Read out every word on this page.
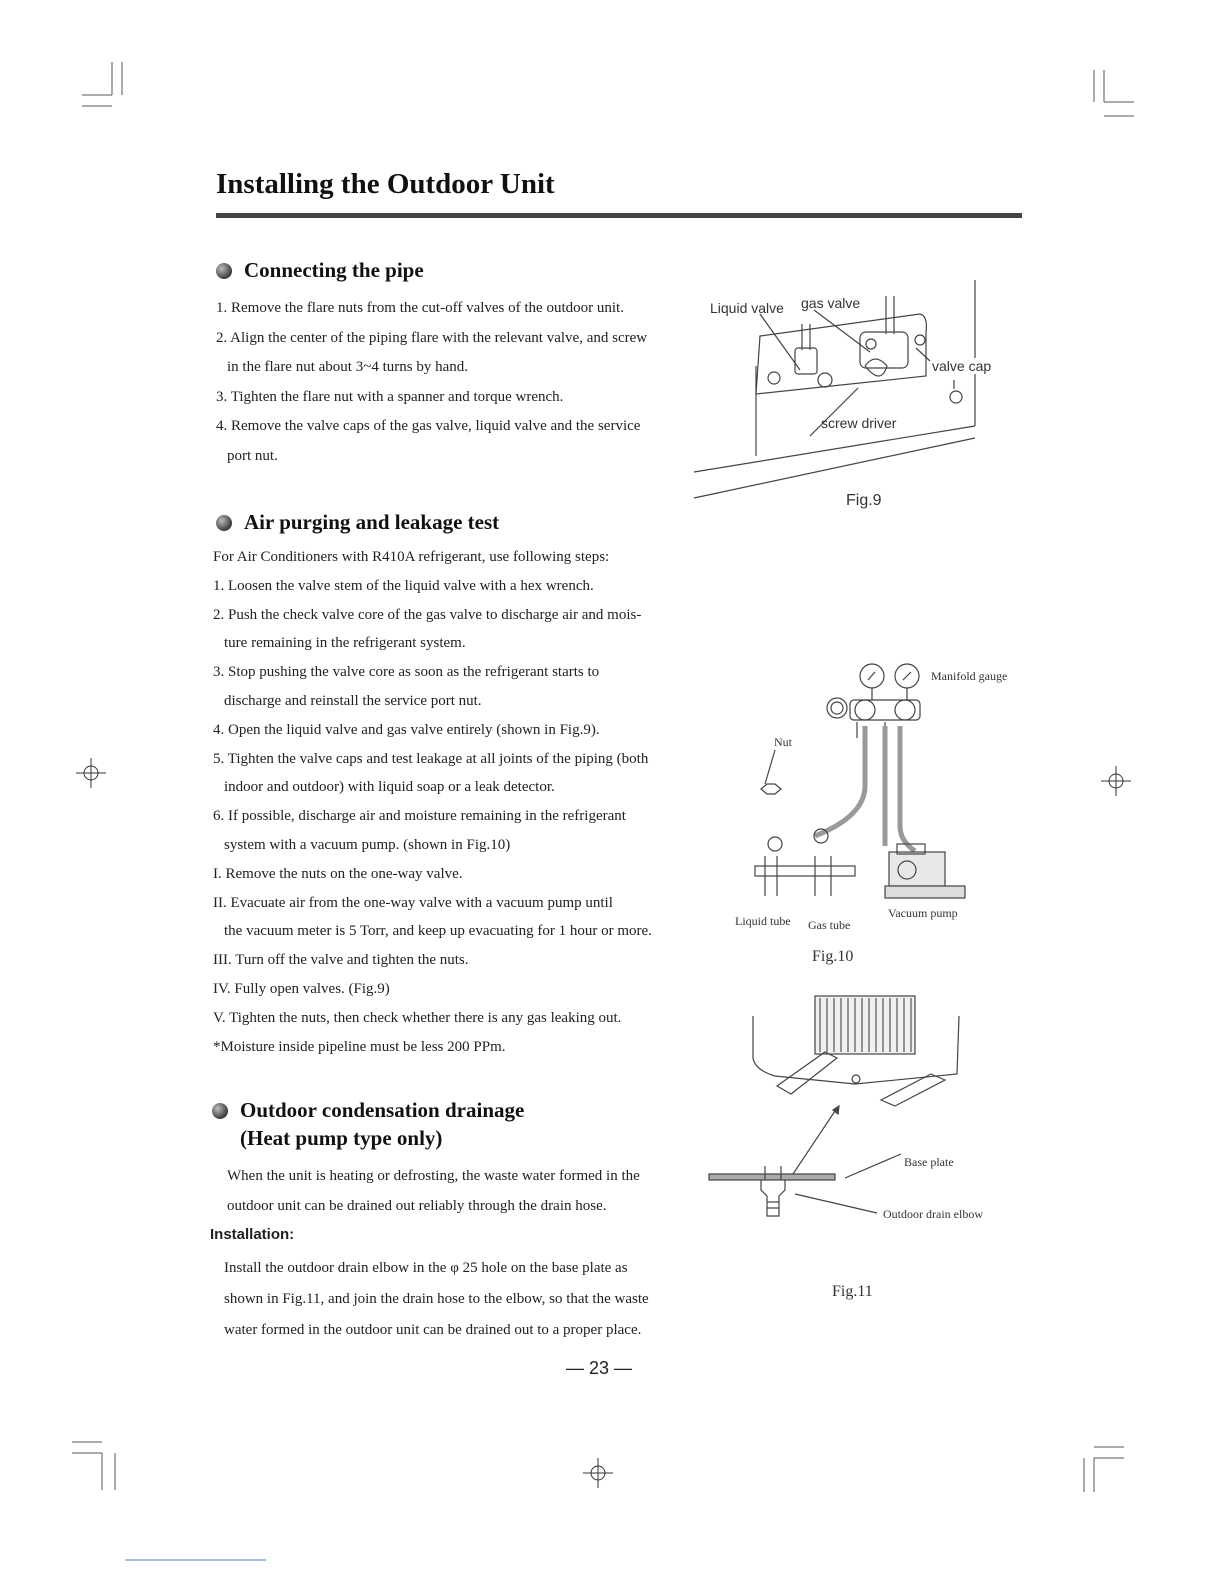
Installing the Outdoor Unit
Connecting the pipe

1. Remove the flare nuts from the cut-off valves of the outdoor unit.

2. Align the center of the piping flare with the relevant valve, and screw

in the flare nut about 3~4 turns by hand.

3. Tighten the flare nut with a spanner and torque wrench.

4. Remove the valve caps of the gas valve, liquid valve and the service

port nut.

Air purging and leakage test

For Air Conditioners with R410A refrigerant, use following steps:

1. Loosen the valve stem of the liquid valve with a hex wrench.

2. Push the check valve core of the gas valve to discharge air and mois-

ture remaining in the refrigerant system.

3. Stop pushing the valve core as soon as the refrigerant starts to

discharge and reinstall the service port nut.

4. Open the liquid valve and gas valve entirely (shown in Fig.9).

5. Tighten the valve caps and test leakage at all joints of the piping (both

indoor and outdoor) with liquid soap or a leak detector.

6. If possible, discharge air and moisture remaining in the refrigerant

system with a vacuum pump. (shown in Fig.10)

I. Remove the nuts on the one-way valve.

II. Evacuate air from the one-way valve with a vacuum pump until

the vacuum meter is 5 Torr, and keep up evacuating for 1 hour or more.

III. Turn off the valve and tighten the nuts.

IV. Fully open valves. (Fig.9)

V. Tighten the nuts, then check whether there is any gas leaking out.

*Moisture inside pipeline must be less 200 PPm.

Outdoor condensation drainage
(Heat pump type only)

When the unit is heating or defrosting, the waste water formed in the

outdoor unit can be drained out reliably through the drain hose.

Installation:

Install the outdoor drain elbow in the φ 25 hole on the base plate as

shown in Fig.11, and join the drain hose to the elbow, so that the waste

water formed in the outdoor unit can be drained out to a proper place.

Liquid valve gas valve
valve cap
screw driver
Fig.9
Manifold gauge
Nut
Liquid tube Gas tube
Vacuum pump
Fig.10
Base plate
Outdoor drain elbow
Fig.11
— 23 —
